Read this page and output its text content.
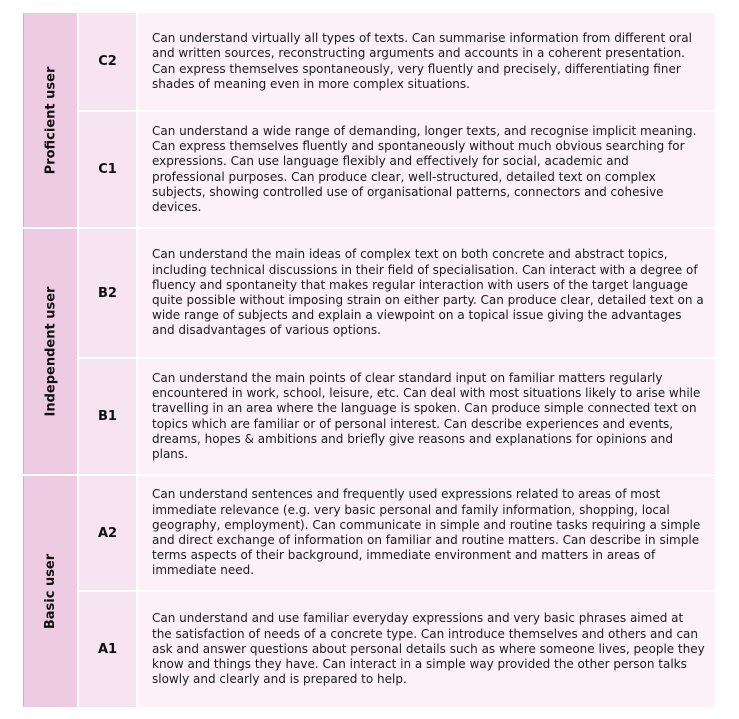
Proficient user
Independent user
Basic user
C2

Can understand virtually all types of texts. Can summarise information from different oral and written sources, reconstructing arguments and accounts in a coherent presentation. Can express themselves spontaneously, very fluently and precisely, differentiating finer shades of meaning even in more complex situations.

C1

Can understand a wide range of demanding, longer texts, and recognise implicit meaning. Can express themselves fluently and spontaneously without much obvious searching for expressions. Can use language flexibly and effectively for social, academic and professional purposes. Can produce clear, well-structured, detailed text on complex subjects, showing controlled use of organisational patterns, connectors and cohesive devices.

B2

Can understand the main ideas of complex text on both concrete and abstract topics, including technical discussions in their field of specialisation. Can interact with a degree of fluency and spontaneity that makes regular interaction with users of the target language quite possible without imposing strain on either party. Can produce clear, detailed text on a wide range of subjects and explain a viewpoint on a topical issue giving the advantages and disadvantages of various options.

B1

Can understand the main points of clear standard input on familiar matters regularly encountered in work, school, leisure, etc. Can deal with most situations likely to arise while travelling in an area where the language is spoken. Can produce simple connected text on topics which are familiar or of personal interest. Can describe experiences and events, dreams, hopes & ambitions and briefly give reasons and explanations for opinions and plans.

A2

Can understand sentences and frequently used expressions related to areas of most immediate relevance (e.g. very basic personal and family information, shopping, local geography, employment). Can communicate in simple and routine tasks requiring a simple and direct exchange of information on familiar and routine matters. Can describe in simple terms aspects of their background, immediate environment and matters in areas of immediate need.

A1

Can understand and use familiar everyday expressions and very basic phrases aimed at the satisfaction of needs of a concrete type. Can introduce themselves and others and can ask and answer questions about personal details such as where someone lives, people they know and things they have. Can interact in a simple way provided the other person talks slowly and clearly and is prepared to help.
